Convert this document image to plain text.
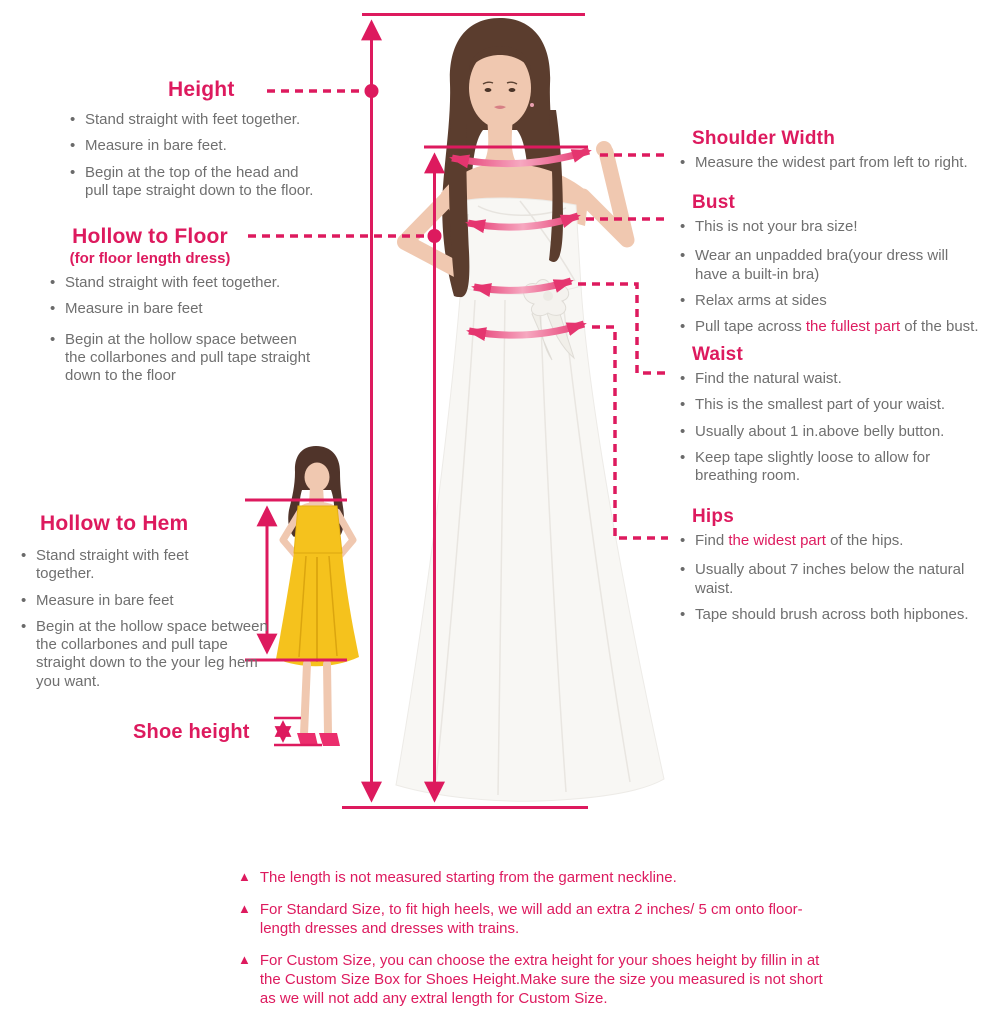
Height
• Stand straight with feet together.
• Measure in bare feet.
• Begin at the top of the head and pull tape straight down to the floor.
Hollow to Floor
(for floor length dress)
• Stand straight with feet together.
• Measure in bare feet
• Begin at the hollow space between the collarbones and pull tape straight down to the floor
Hollow to Hem
• Stand straight with feet together.
• Measure in bare feet
• Begin at the hollow space between the collarbones and pull tape straight down to the your leg hem you want.
Shoe height
Shoulder Width
• Measure the widest part from left to right.
Bust
• This is not your bra size!
• Wear an unpadded bra(your dress will have a built-in bra)
• Relax arms at sides
• Pull tape across the fullest part of the bust.
Waist
• Find the natural waist.
• This is the smallest part of your waist.
• Usually about 1 in.above belly button.
• Keep tape slightly loose to allow for breathing room.
Hips
• Find the widest part of the hips.
• Usually about 7 inches below the natural waist.
• Tape should brush across both hipbones.
▲ The length is not measured starting from the garment neckline.
▲ For Standard Size, to fit high heels, we will add an extra 2 inches/ 5 cm onto floor-length dresses and dresses with trains.
▲ For Custom Size, you can choose the extra height for your shoes height by fillin in at the Custom Size Box for Shoes Height.Make sure the size you measured is not short as we will not add any extral length for Custom Size.
